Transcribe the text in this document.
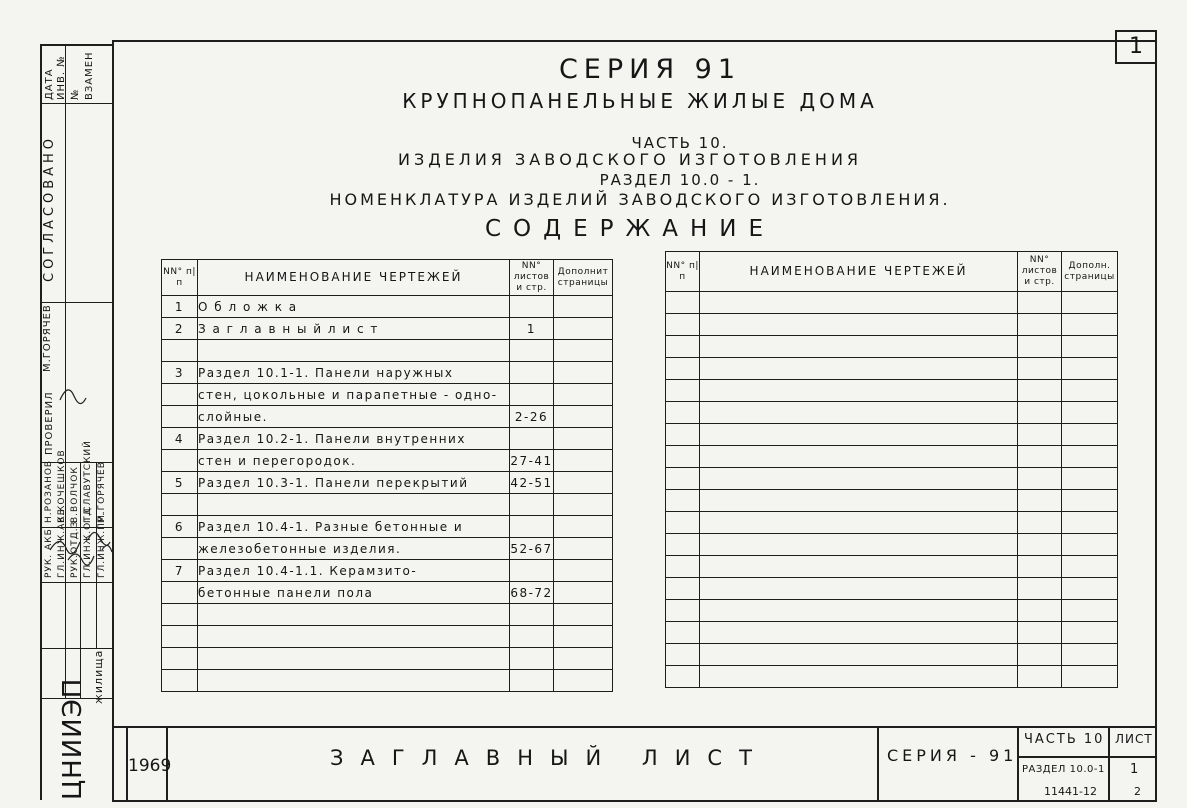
1
ДАТА ИНВ. № № ВЗАМЕН
СОГЛАСОВАНО
М.ГОРЯЧЕВ
ПРОВЕРИЛ
РУК. АКБ ГЛ.ИНЖ.АКБ РУК.ОТД.З ГЛ.ИНЖ.ОТД ГЛ.ИНЖ.ПР.
Н.РОЗАНОВ В.КОЧЕШКОВ В.ВОЛЧОК Г.СЛАВУТСКИЙ М.ГОРЯЧЕВ
ЦНИИЭП
жилища
СЕРИЯ 91
КРУПНОПАНЕЛЬНЫЕ ЖИЛЫЕ ДОМА
ЧАСТЬ 10.
ИЗДЕЛИЯ ЗАВОДСКОГО ИЗГОТОВЛЕНИЯ
РАЗДЕЛ 10.0 - 1.
НОМЕНКЛАТУРА ИЗДЕЛИЙ ЗАВОДСКОГО ИЗГОТОВЛЕНИЯ.
СОДЕРЖАНИЕ
NN° п|п	НАИМЕНОВАНИЕ ЧЕРТЕЖЕЙ	NN° листов и стр.	Дополнит страницы
1	О б л о ж к а		
2	З а г л а в н ы й л и с т	1	

3	Раздел 10.1-1. Панели наружных		
	стен, цокольные и парапетные - одно-		
	слойные.	2-26	
4	Раздел 10.2-1. Панели внутренних		
	стен и перегородок.	27-41	
5	Раздел 10.3-1. Панели перекрытий	42-51	

6	Раздел 10.4-1. Разные бетонные и		
	железобетонные изделия.	52-67	
7	Раздел 10.4-1.1. Керамзито-		
	бетонные панели пола	68-72	

NN° п|п	НАИМЕНОВАНИЕ ЧЕРТЕЖЕЙ	NN° листов и стр.	Дополн. страницы

1969	ЗАГЛАВНЫЙ ЛИСТ	СЕРИЯ - 91
ЧАСТЬ 10 ЛИСТ
РАЗДЕЛ 10.0-1 1
11441-12	2
